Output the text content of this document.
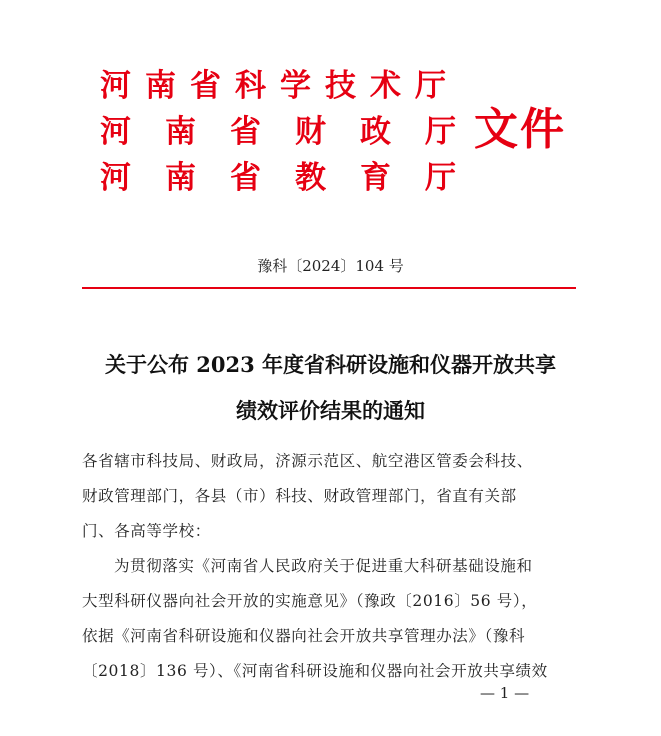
河南省科学技术厅
河南省财政厅
河南省教育厅
文件
豫科〔2024〕104 号
关于公布 2023 年度省科研设施和仪器开放共享
绩效评价结果的通知
各省辖市科技局、财政局，济源示范区、航空港区管委会科技、
财政管理部门，各县（市）科技、财政管理部门，省直有关部
门、各高等学校：
为贯彻落实《河南省人民政府关于促进重大科研基础设施和
大型科研仪器向社会开放的实施意见》（豫政〔2016〕56 号），
依据《河南省科研设施和仪器向社会开放共享管理办法》（豫科
〔2018〕136 号）、《河南省科研设施和仪器向社会开放共享绩效
— 1 —
